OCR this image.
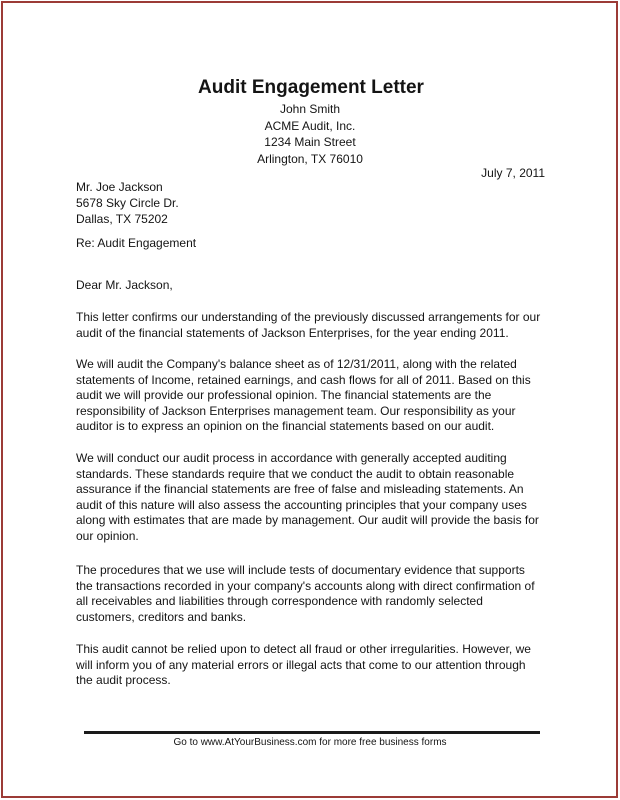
Audit Engagement Letter
John Smith
ACME Audit, Inc.
1234 Main Street
Arlington, TX 76010
July 7, 2011
Mr. Joe Jackson
5678 Sky Circle Dr.
Dallas, TX 75202
Re: Audit Engagement
Dear Mr. Jackson,
This letter confirms our understanding of the previously discussed arrangements for our
audit of the financial statements of Jackson Enterprises, for the year ending 2011.
We will audit the Company's balance sheet as of 12/31/2011, along with the related
statements of Income, retained earnings, and cash flows for all of 2011. Based on this
audit we will provide our professional opinion. The financial statements are the
responsibility of Jackson Enterprises management team. Our responsibility as your
auditor is to express an opinion on the financial statements based on our audit.
We will conduct our audit process in accordance with generally accepted auditing
standards. These standards require that we conduct the audit to obtain reasonable
assurance if the financial statements are free of false and misleading statements. An
audit of this nature will also assess the accounting principles that your company uses
along with estimates that are made by management. Our audit will provide the basis for
our opinion.
The procedures that we use will include tests of documentary evidence that supports
the transactions recorded in your company's accounts along with direct confirmation of
all receivables and liabilities through correspondence with randomly selected
customers, creditors and banks.
This audit cannot be relied upon to detect all fraud or other irregularities. However, we
will inform you of any material errors or illegal acts that come to our attention through
the audit process.
Go to www.AtYourBusiness.com for more free business forms
